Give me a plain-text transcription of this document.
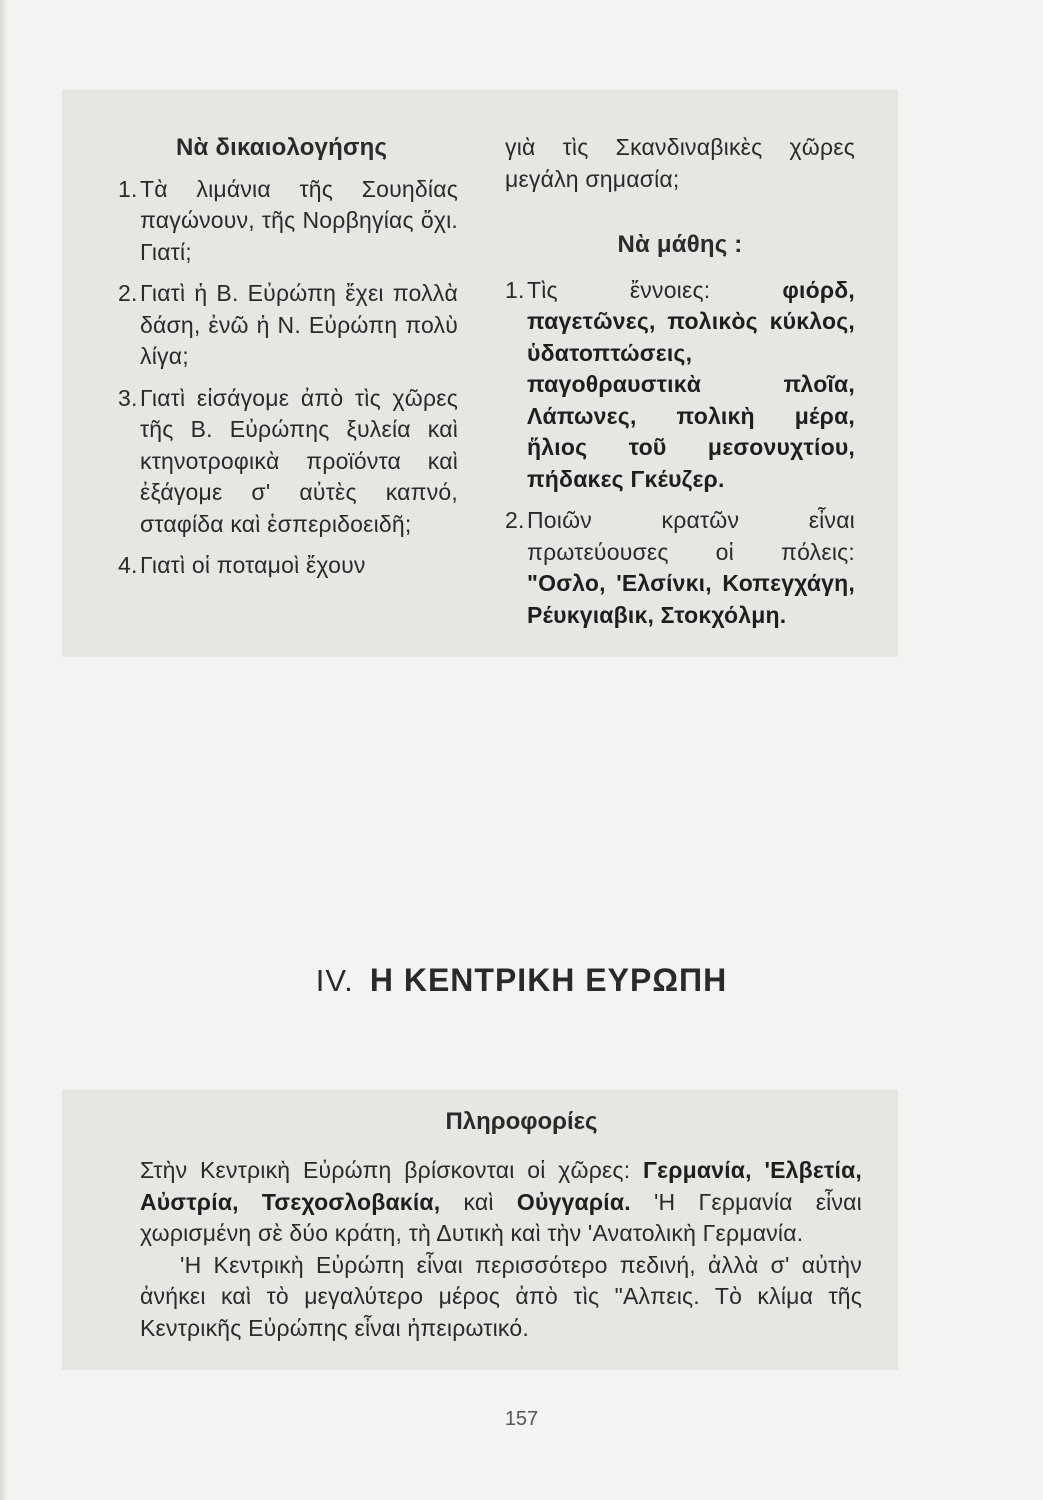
Νὰ δικαιολογήσης
1. Τὰ λιμάνια τῆς Σουηδίας παγώνουν, τῆς Νορβηγίας ὄχι. Γιατί;
2. Γιατὶ ἡ Β. Εὐρώπη ἔχει πολλὰ δάση, ἐνῶ ἡ Ν. Εὐρώπη πολὺ λίγα;
3. Γιατὶ εἰσάγομε ἀπὸ τὶς χῶρες τῆς Β. Εὐρώπης ξυλεία καὶ κτηνοτροφικὰ προϊόντα καὶ ἐξάγομε σ' αὐτὲς καπνό, σταφίδα καὶ ἑσπεριδοειδῆ;
4. Γιατὶ οἱ ποταμοὶ ἔχουν
γιὰ τὶς Σκανδιναβικὲς χῶρες μεγάλη σημασία;
Νὰ μάθης :
1. Τὶς ἔννοιες: φιόρδ, παγετῶνες, πολικὸς κύκλος, ὑδατοπτώσεις, παγοθραυστικὰ πλοῖα, Λάπωνες, πολικὴ μέρα, ἥλιος τοῦ μεσονυχτίου, πήδακες Γκέυζερ.
2. Ποιῶν κρατῶν εἶναι πρωτεύουσες οἱ πόλεις: "Οσλο, 'Ελσίνκι, Κοπεγχάγη, Ρέυκγιαβικ, Στοκχόλμη.
IV. Η ΚΕΝΤΡΙΚΗ ΕΥΡΩΠΗ
Πληροφορίες

Στὴν Κεντρικὴ Εὐρώπη βρίσκονται οἱ χῶρες: Γερμανία, 'Ελβετία, Αὐστρία, Τσεχοσλοβακία, καὶ Οὐγγαρία. 'Η Γερμανία εἶναι χωρισμένη σὲ δύο κράτη, τὴ Δυτικὴ καὶ τὴν 'Ανατολικὴ Γερμανία.

'Η Κεντρικὴ Εὐρώπη εἶναι περισσότερο πεδινή, ἀλλὰ σ' αὐτὴν ἀνήκει καὶ τὸ μεγαλύτερο μέρος ἀπὸ τὶς "Αλπεις. Τὸ κλίμα τῆς Κεντρικῆς Εὐρώπης εἶναι ἠπειρωτικό.

157
